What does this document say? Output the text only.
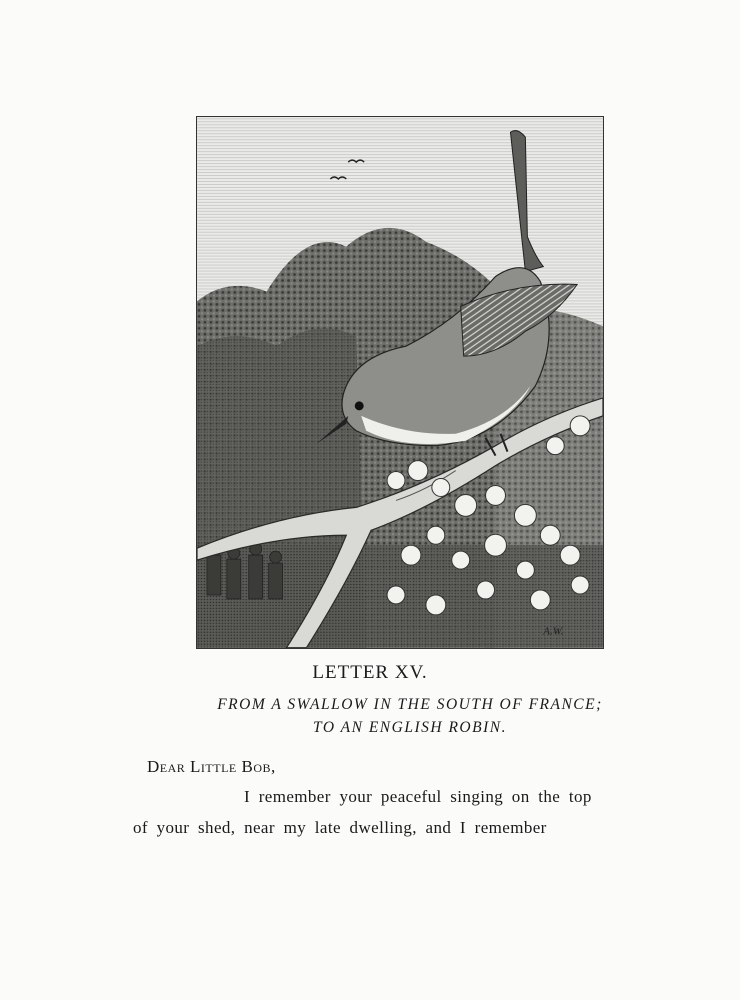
A.W.
LETTER XV.
FROM A SWALLOW IN THE SOUTH OF FRANCE;
TO AN ENGLISH ROBIN.
Dear Little Bob,
I remember your peaceful singing on the top
of your shed, near my late dwelling, and I remember
